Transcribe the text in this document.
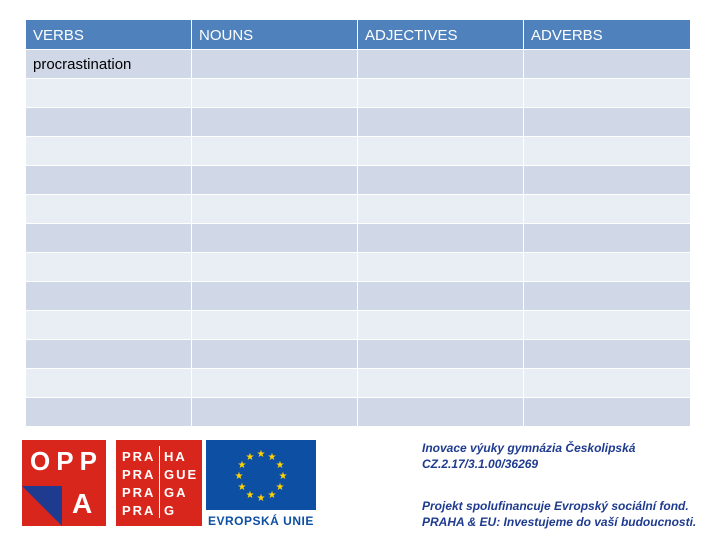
VERBS	NOUNS	ADJECTIVES	ADVERBS
procrastination
OPP
A
PRA
PRA
PRA
PRA
HA
GUE
GA
G
★ ★
★
★
★
★
★
★
★
★
★
★
EVROPSKÁ UNIE
Inovace výuky gymnázia Českolipská
CZ.2.17/3.1.00/36269
Projekt spolufinancuje Evropský sociální fond.
PRAHA & EU: Investujeme do vaší budoucnosti.
